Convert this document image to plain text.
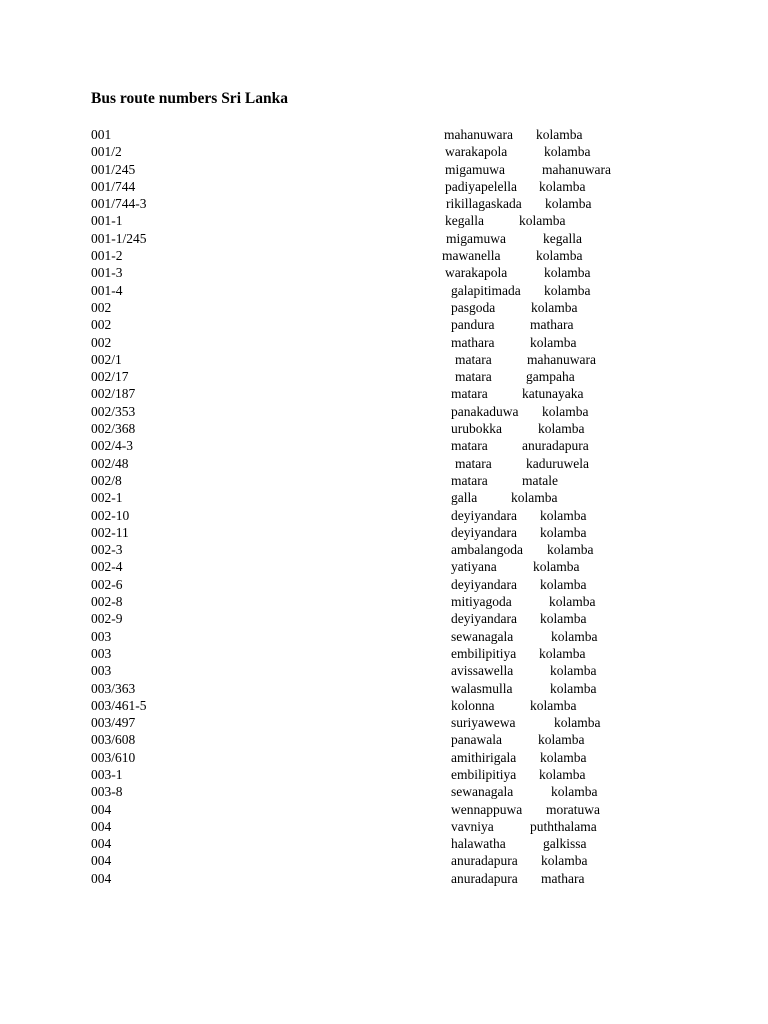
Bus route numbers Sri Lanka
001	mahanuwara kolamba
001/2	warakapola	kolamba
001/245	migamuwa	mahanuwara
001/744	padiyapelella kolamba
001/744-3	rikillagaskada kolamba
001-1	kegalla	kolamba
001-1/245	migamuwa	kegalla
001-2	mawanella	kolamba
001-3	warakapola	kolamba
001-4	galapitimada kolamba
002	pasgoda	kolamba
002	pandura	mathara
002	mathara	kolamba
002/1	matara	mahanuwara
002/17	matara	gampaha
002/187	matara	katunayaka
002/353	panakaduwa kolamba
002/368	urubokka	kolamba
002/4-3	matara	anuradapura
002/48	matara	kaduruwela
002/8	matara	matale
002-1	galla	kolamba
002-10	deyiyandara kolamba
002-11	deyiyandara kolamba
002-3	ambalangoda kolamba
002-4	yatiyana	kolamba
002-6	deyiyandara kolamba
002-8	mitiyagoda	kolamba
002-9	deyiyandara kolamba
003	sewanagala	kolamba
003	embilipitiya kolamba
003	avissawella	kolamba
003/363	walasmulla	kolamba
003/461-5	kolonna	kolamba
003/497	suriyawewa	kolamba
003/608	panawala	kolamba
003/610	amithirigala kolamba
003-1	embilipitiya kolamba
003-8	sewanagala	kolamba
004	wennappuwa moratuwa
004	vavniya	puththalama
004	halawatha	galkissa
004	anuradapura kolamba
004	anuradapura mathara
